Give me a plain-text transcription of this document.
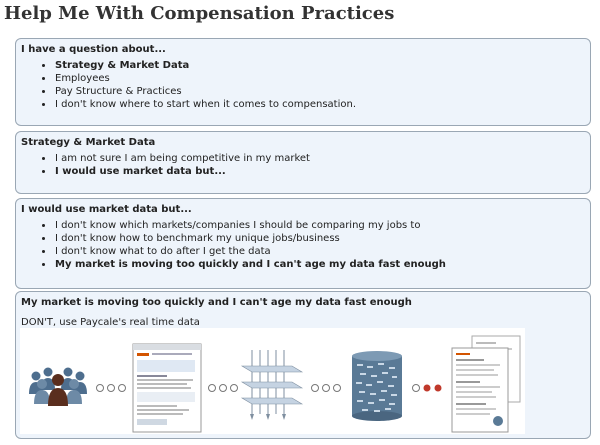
Help Me With Compensation Practices
I have a question about...
Strategy & Market Data
Employees
Pay Structure & Practices
I don't know where to start when it comes to compensation.
Strategy & Market Data
I am not sure I am being competitive in my market
I would use market data but...
I would use market data but...
I don't know which markets/companies I should be comparing my jobs to
I don't know how to benchmark my unique jobs/business
I don't know what to do after I get the data
My market is moving too quickly and I can't age my data fast enough
My market is moving too quickly and I can't age my data fast enough
DON'T, use Paycale's real time data
